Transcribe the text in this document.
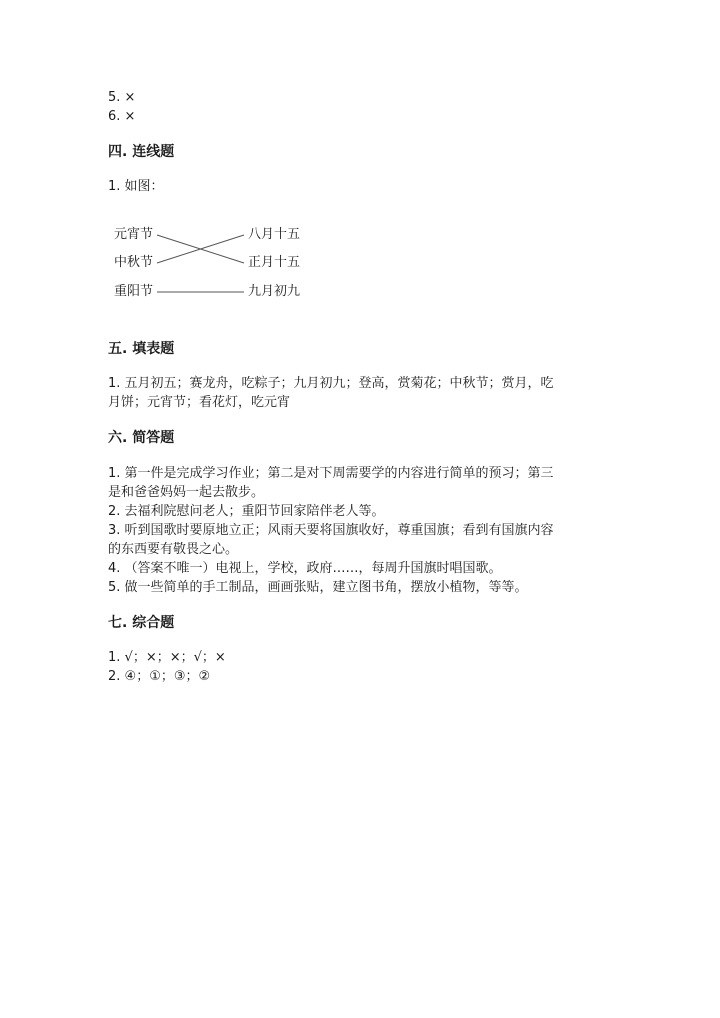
5. ×
6. ×
四. 连线题
1. 如图：
元宵节
中秋节
重阳节
八月十五
正月十五
九月初九
五. 填表题
1. 五月初五；赛龙舟，吃粽子；九月初九；登高，赏菊花；中秋节；赏月，吃
月饼；元宵节；看花灯，吃元宵
六. 简答题
1. 第一件是完成学习作业；第二是对下周需要学的内容进行简单的预习；第三
是和爸爸妈妈一起去散步。
2. 去福利院慰问老人；重阳节回家陪伴老人等。
3. 听到国歌时要原地立正；风雨天要将国旗收好，尊重国旗；看到有国旗内容
的东西要有敬畏之心。
4. （答案不唯一）电视上，学校，政府……，每周升国旗时唱国歌。
5. 做一些简单的手工制品，画画张贴，建立图书角，摆放小植物，等等。
七. 综合题
1. √；×；×；√；×
2. ④；①；③；②
